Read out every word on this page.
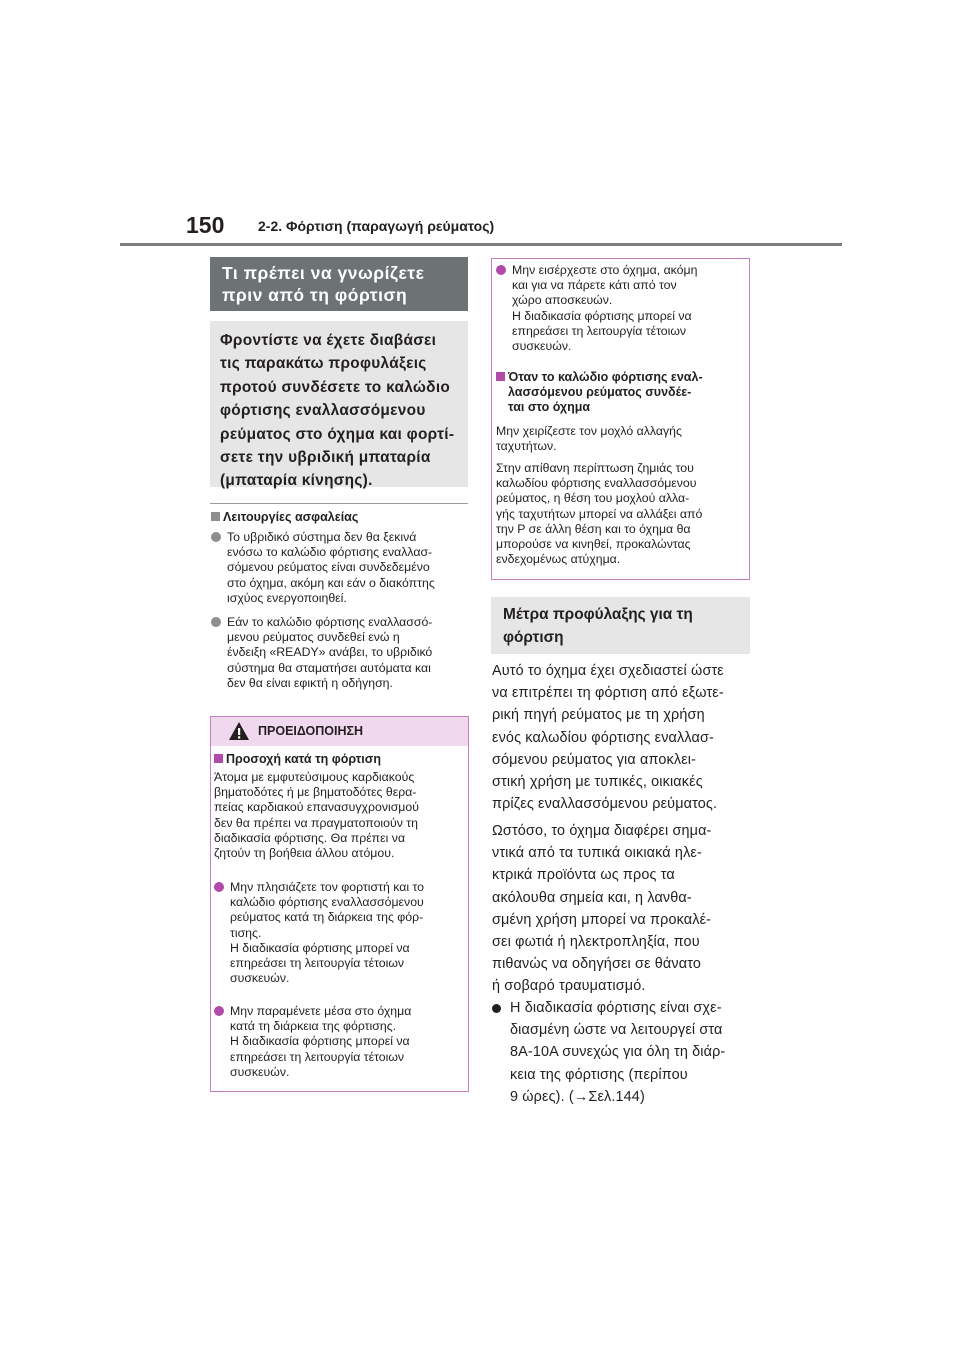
150 2-2. Φόρτιση (παραγωγή ρεύματος)
Τι πρέπει να γνωρίζετε
πριν από τη φόρτιση
Φροντίστε να έχετε διαβάσει
τις παρακάτω προφυλάξεις
προτού συνδέσετε το καλώδιο
φόρτισης εναλλασσόμενου
ρεύματος στο όχημα και φορτί-
σετε την υβριδική μπαταρία
(μπαταρία κίνησης).
Λειτουργίες ασφαλείας
Το υβριδικό σύστημα δεν θα ξεκινά
ενόσω το καλώδιο φόρτισης εναλλασ-
σόμενου ρεύματος είναι συνδεδεμένο
στο όχημα, ακόμη και εάν ο διακόπτης
ισχύος ενεργοποιηθεί.
Εάν το καλώδιο φόρτισης εναλλασσό-
μενου ρεύματος συνδεθεί ενώ η
ένδειξη «READY» ανάβει, το υβριδικό
σύστημα θα σταματήσει αυτόματα και
δεν θα είναι εφικτή η οδήγηση.
ΠΡΟΕΙΔΟΠΟΙΗΣΗ
Προσοχή κατά τη φόρτιση
Άτομα με εμφυτεύσιμους καρδιακούς
βηματοδότες ή με βηματοδότες θερα-
πείας καρδιακού επανασυγχρονισμού
δεν θα πρέπει να πραγματοποιούν τη
διαδικασία φόρτισης. Θα πρέπει να
ζητούν τη βοήθεια άλλου ατόμου.
Μην πλησιάζετε τον φορτιστή και το
καλώδιο φόρτισης εναλλασσόμενου
ρεύματος κατά τη διάρκεια της φόρ-
τισης.
Η διαδικασία φόρτισης μπορεί να
επηρεάσει τη λειτουργία τέτοιων
συσκευών.
Μην παραμένετε μέσα στο όχημα
κατά τη διάρκεια της φόρτισης.
Η διαδικασία φόρτισης μπορεί να
επηρεάσει τη λειτουργία τέτοιων
συσκευών.
Μην εισέρχεστε στο όχημα, ακόμη
και για να πάρετε κάτι από τον
χώρο αποσκευών.
Η διαδικασία φόρτισης μπορεί να
επηρεάσει τη λειτουργία τέτοιων
συσκευών.
Όταν το καλώδιο φόρτισης εναλ-
λασσόμενου ρεύματος συνδέε-
ται στο όχημα
Μην χειρίζεστε τον μοχλό αλλαγής
ταχυτήτων.
Στην απίθανη περίπτωση ζημιάς του
καλωδίου φόρτισης εναλλασσόμενου
ρεύματος, η θέση του μοχλού αλλα-
γής ταχυτήτων μπορεί να αλλάξει από
την P σε άλλη θέση και το όχημα θα
μπορούσε να κινηθεί, προκαλώντας
ενδεχομένως ατύχημα.
Μέτρα προφύλαξης για τη
φόρτιση
Αυτό το όχημα έχει σχεδιαστεί ώστε
να επιτρέπει τη φόρτιση από εξωτε-
ρική πηγή ρεύματος με τη χρήση
ενός καλωδίου φόρτισης εναλλασ-
σόμενου ρεύματος για αποκλει-
στική χρήση με τυπικές, οικιακές
πρίζες εναλλασσόμενου ρεύματος.
Ωστόσο, το όχημα διαφέρει σημα-
ντικά από τα τυπικά οικιακά ηλε-
κτρικά προϊόντα ως προς τα
ακόλουθα σημεία και, η λανθα-
σμένη χρήση μπορεί να προκαλέ-
σει φωτιά ή ηλεκτροπληξία, που
πιθανώς να οδηγήσει σε θάνατο
ή σοβαρό τραυματισμό.
Η διαδικασία φόρτισης είναι σχε-
διασμένη ώστε να λειτουργεί στα
8A-10A συνεχώς για όλη τη διάρ-
κεια της φόρτισης (περίπου
9 ώρες). (→Σελ.144)
